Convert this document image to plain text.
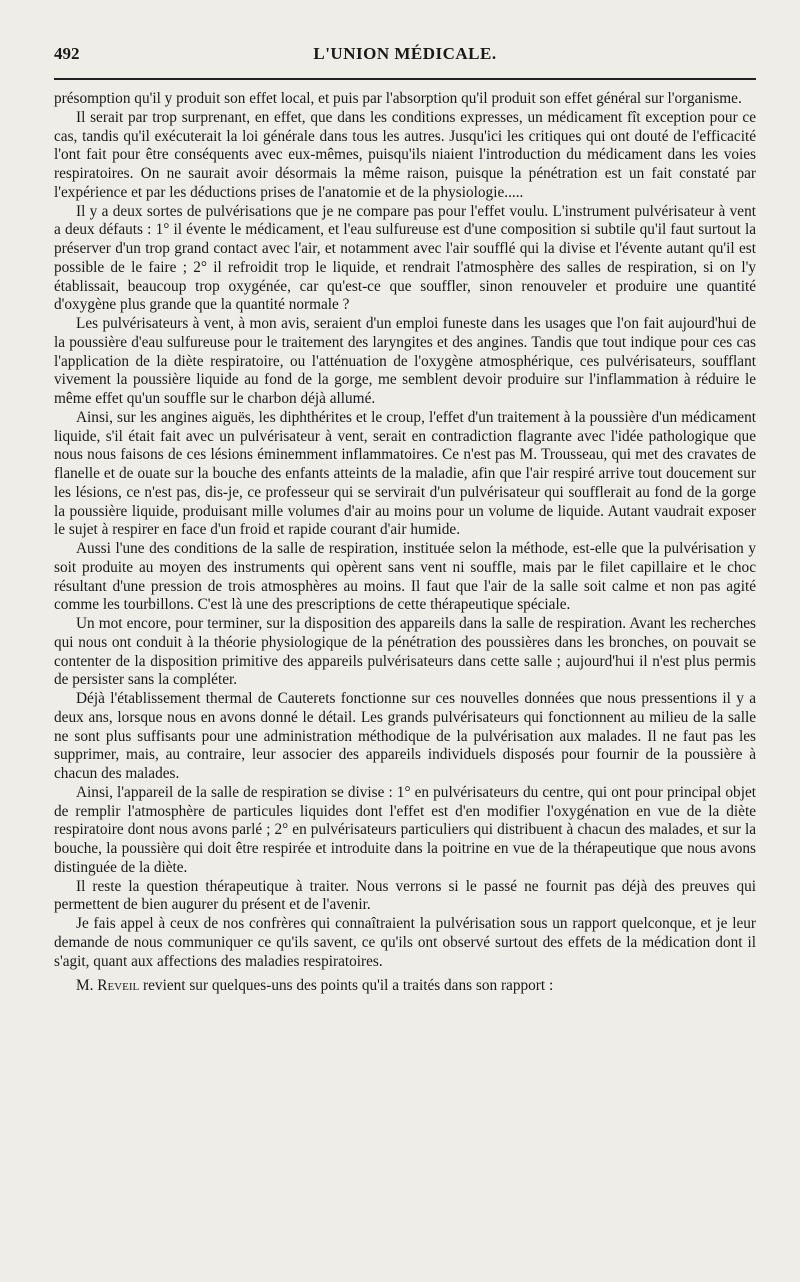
492	L'UNION MÉDICALE.

présomption qu'il y produit son effet local, et puis par l'absorption qu'il produit son effet général sur l'organisme.

Il serait par trop surprenant, en effet, que dans les conditions expresses, un médicament fît exception pour ce cas, tandis qu'il exécuterait la loi générale dans tous les autres. Jusqu'ici les critiques qui ont douté de l'efficacité l'ont fait pour être conséquents avec eux-mêmes, puisqu'ils niaient l'introduction du médicament dans les voies respiratoires. On ne saurait avoir désormais la même raison, puisque la pénétration est un fait constaté par l'expérience et par les déductions prises de l'anatomie et de la physiologie.....

Il y a deux sortes de pulvérisations que je ne compare pas pour l'effet voulu. L'instrument pulvérisateur à vent a deux défauts : 1° il évente le médicament, et l'eau sulfureuse est d'une composition si subtile qu'il faut surtout la préserver d'un trop grand contact avec l'air, et notamment avec l'air soufflé qui la divise et l'évente autant qu'il est possible de le faire ; 2° il refroidit trop le liquide, et rendrait l'atmosphère des salles de respiration, si on l'y établissait, beaucoup trop oxygénée, car qu'est-ce que souffler, sinon renouveler et produire une quantité d'oxygène plus grande que la quantité normale ?

Les pulvérisateurs à vent, à mon avis, seraient d'un emploi funeste dans les usages que l'on fait aujourd'hui de la poussière d'eau sulfureuse pour le traitement des laryngites et des angines. Tandis que tout indique pour ces cas l'application de la diète respiratoire, ou l'atténuation de l'oxygène atmosphérique, ces pulvérisateurs, soufflant vivement la poussière liquide au fond de la gorge, me semblent devoir produire sur l'inflammation à réduire le même effet qu'un souffle sur le charbon déjà allumé.

Ainsi, sur les angines aiguës, les diphthérites et le croup, l'effet d'un traitement à la poussière d'un médicament liquide, s'il était fait avec un pulvérisateur à vent, serait en contradiction flagrante avec l'idée pathologique que nous nous faisons de ces lésions éminemment inflammatoires. Ce n'est pas M. Trousseau, qui met des cravates de flanelle et de ouate sur la bouche des enfants atteints de la maladie, afin que l'air respiré arrive tout doucement sur les lésions, ce n'est pas, dis-je, ce professeur qui se servirait d'un pulvérisateur qui soufflerait au fond de la gorge la poussière liquide, produisant mille volumes d'air au moins pour un volume de liquide. Autant vaudrait exposer le sujet à respirer en face d'un froid et rapide courant d'air humide.

Aussi l'une des conditions de la salle de respiration, instituée selon la méthode, est-elle que la pulvérisation y soit produite au moyen des instruments qui opèrent sans vent ni souffle, mais par le filet capillaire et le choc résultant d'une pression de trois atmosphères au moins. Il faut que l'air de la salle soit calme et non pas agité comme les tourbillons. C'est là une des prescriptions de cette thérapeutique spéciale.

Un mot encore, pour terminer, sur la disposition des appareils dans la salle de respiration. Avant les recherches qui nous ont conduit à la théorie physiologique de la pénétration des poussières dans les bronches, on pouvait se contenter de la disposition primitive des appareils pulvérisateurs dans cette salle ; aujourd'hui il n'est plus permis de persister sans la compléter.

Déjà l'établissement thermal de Cauterets fonctionne sur ces nouvelles données que nous pressentions il y a deux ans, lorsque nous en avons donné le détail. Les grands pulvérisateurs qui fonctionnent au milieu de la salle ne sont plus suffisants pour une administration méthodique de la pulvérisation aux malades. Il ne faut pas les supprimer, mais, au contraire, leur associer des appareils individuels disposés pour fournir de la poussière à chacun des malades.

Ainsi, l'appareil de la salle de respiration se divise : 1° en pulvérisateurs du centre, qui ont pour principal objet de remplir l'atmosphère de particules liquides dont l'effet est d'en modifier l'oxygénation en vue de la diète respiratoire dont nous avons parlé ; 2° en pulvérisateurs particuliers qui distribuent à chacun des malades, et sur la bouche, la poussière qui doit être respirée et introduite dans la poitrine en vue de la thérapeutique que nous avons distinguée de la diète.

Il reste la question thérapeutique à traiter. Nous verrons si le passé ne fournit pas déjà des preuves qui permettent de bien augurer du présent et de l'avenir.

Je fais appel à ceux de nos confrères qui connaîtraient la pulvérisation sous un rapport quelconque, et je leur demande de nous communiquer ce qu'ils savent, ce qu'ils ont observé surtout des effets de la médication dont il s'agit, quant aux affections des maladies respiratoires.

M. Reveil revient sur quelques-uns des points qu'il a traités dans son rapport :
